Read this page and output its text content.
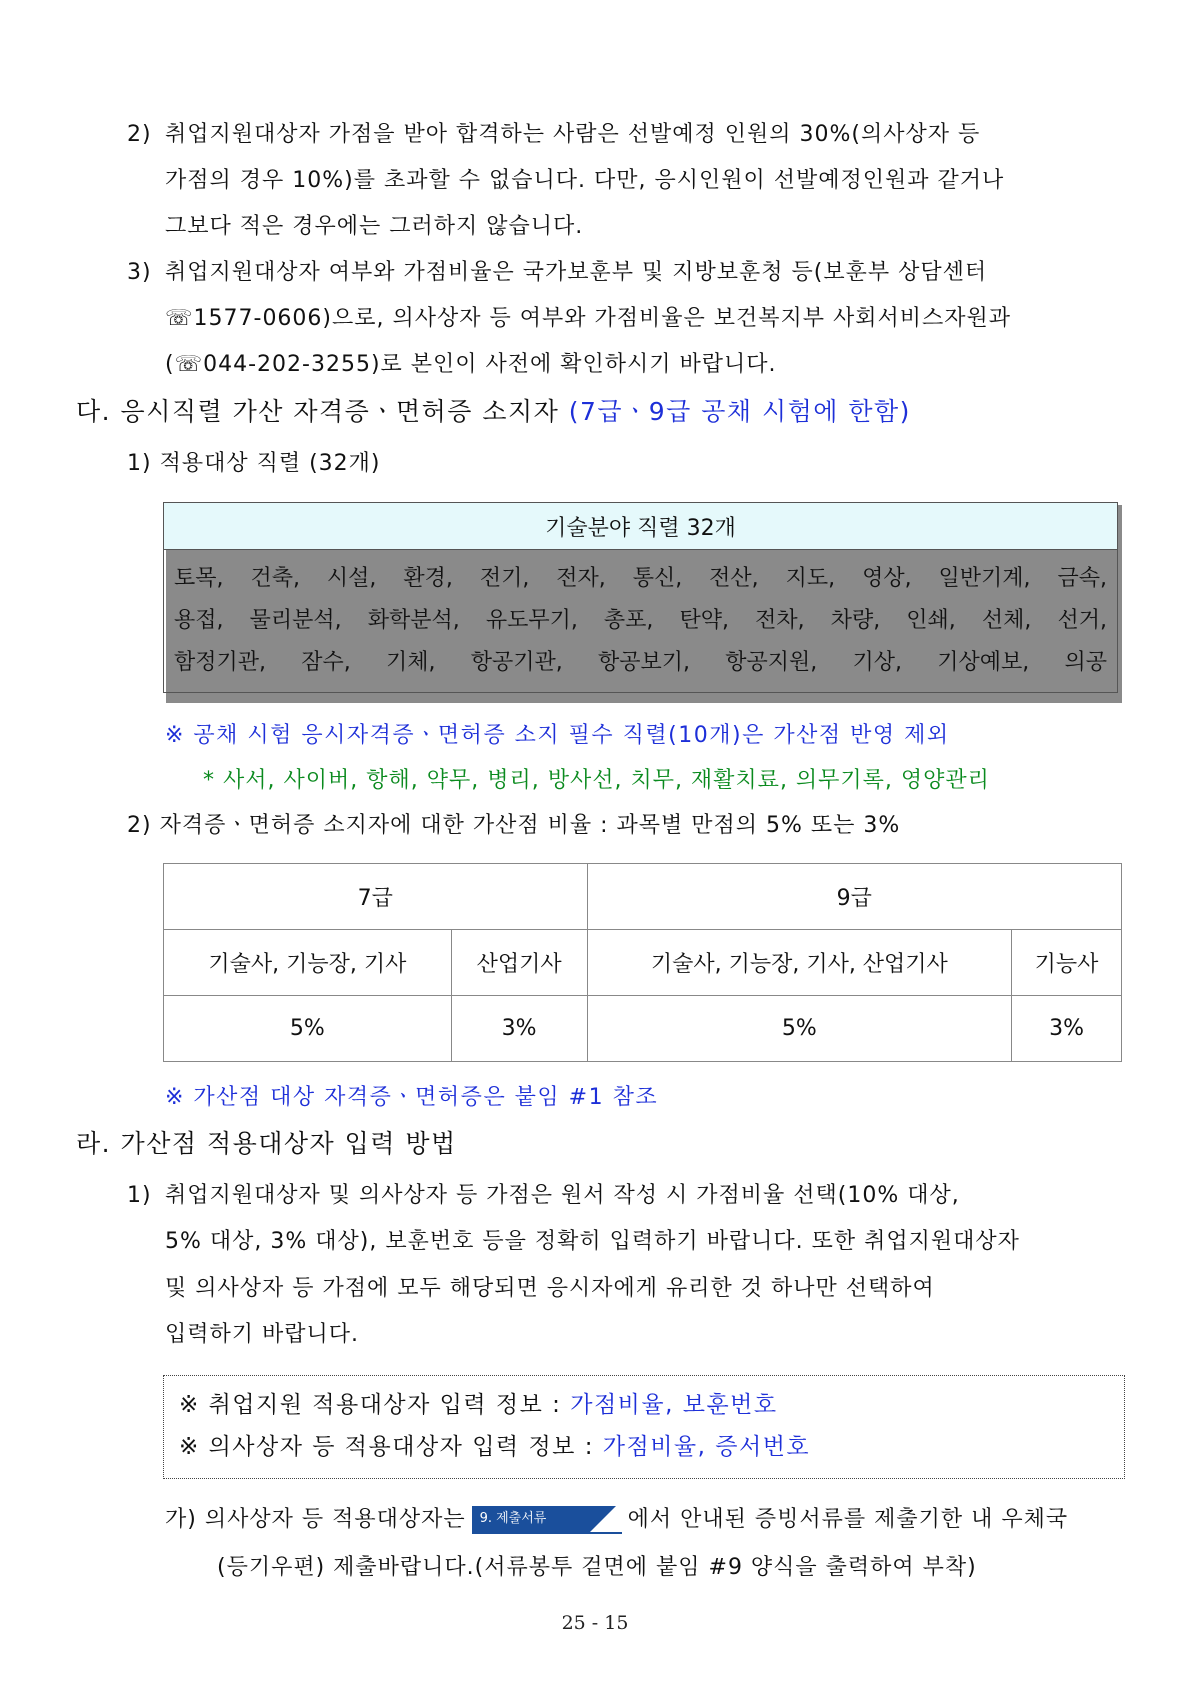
2) 취업지원대상자 가점을 받아 합격하는 사람은 선발예정 인원의 30%(의사상자 등
가점의 경우 10%)를 초과할 수 없습니다. 다만, 응시인원이 선발예정인원과 같거나
그보다 적은 경우에는 그러하지 않습니다.
3) 취업지원대상자 여부와 가점비율은 국가보훈부 및 지방보훈청 등(보훈부 상담센터
☏1577-0606)으로, 의사상자 등 여부와 가점비율은 보건복지부 사회서비스자원과
(☏044-202-3255)로 본인이 사전에 확인하시기 바랍니다.
다. 응시직렬 가산 자격증ㆍ면허증 소지자 (7급ㆍ9급 공채 시험에 한함)
1) 적용대상 직렬 (32개)
기술분야 직렬 32개

토목, 건축, 시설, 환경, 전기, 전자, 통신, 전산, 지도, 영상, 일반기계, 금속,
용접, 물리분석, 화학분석, 유도무기, 총포, 탄약, 전차, 차량, 인쇄, 선체, 선거,
함정기관, 잠수, 기체, 항공기관, 항공보기, 항공지원, 기상, 기상예보, 의공
※ 공채 시험 응시자격증ㆍ면허증 소지 필수 직렬(10개)은 가산점 반영 제외
* 사서, 사이버, 항해, 약무, 병리, 방사선, 치무, 재활치료, 의무기록, 영양관리
2) 자격증ㆍ면허증 소지자에 대한 가산점 비율 : 과목별 만점의 5% 또는 3%
7급		9급	
기술사, 기능장, 기사	산업기사	기술사, 기능장, 기사, 산업기사	기능사
5%	3%	5%	3%
※ 가산점 대상 자격증ㆍ면허증은 붙임 #1 참조
라. 가산점 적용대상자 입력 방법
1) 취업지원대상자 및 의사상자 등 가점은 원서 작성 시 가점비율 선택(10% 대상,
5% 대상, 3% 대상), 보훈번호 등을 정확히 입력하기 바랍니다. 또한 취업지원대상자
및 의사상자 등 가점에 모두 해당되면 응시자에게 유리한 것 하나만 선택하여
입력하기 바랍니다.
※ 취업지원 적용대상자 입력 정보 : 가점비율, 보훈번호
※ 의사상자 등 적용대상자 입력 정보 : 가점비율, 증서번호
가) 의사상자 등 적용대상자는 9. 제출서류	에서 안내된 증빙서류를 제출기한 내 우체국
(등기우편) 제출바랍니다.(서류봉투 겉면에 붙임 #9 양식을 출력하여 부착)
25 - 15
